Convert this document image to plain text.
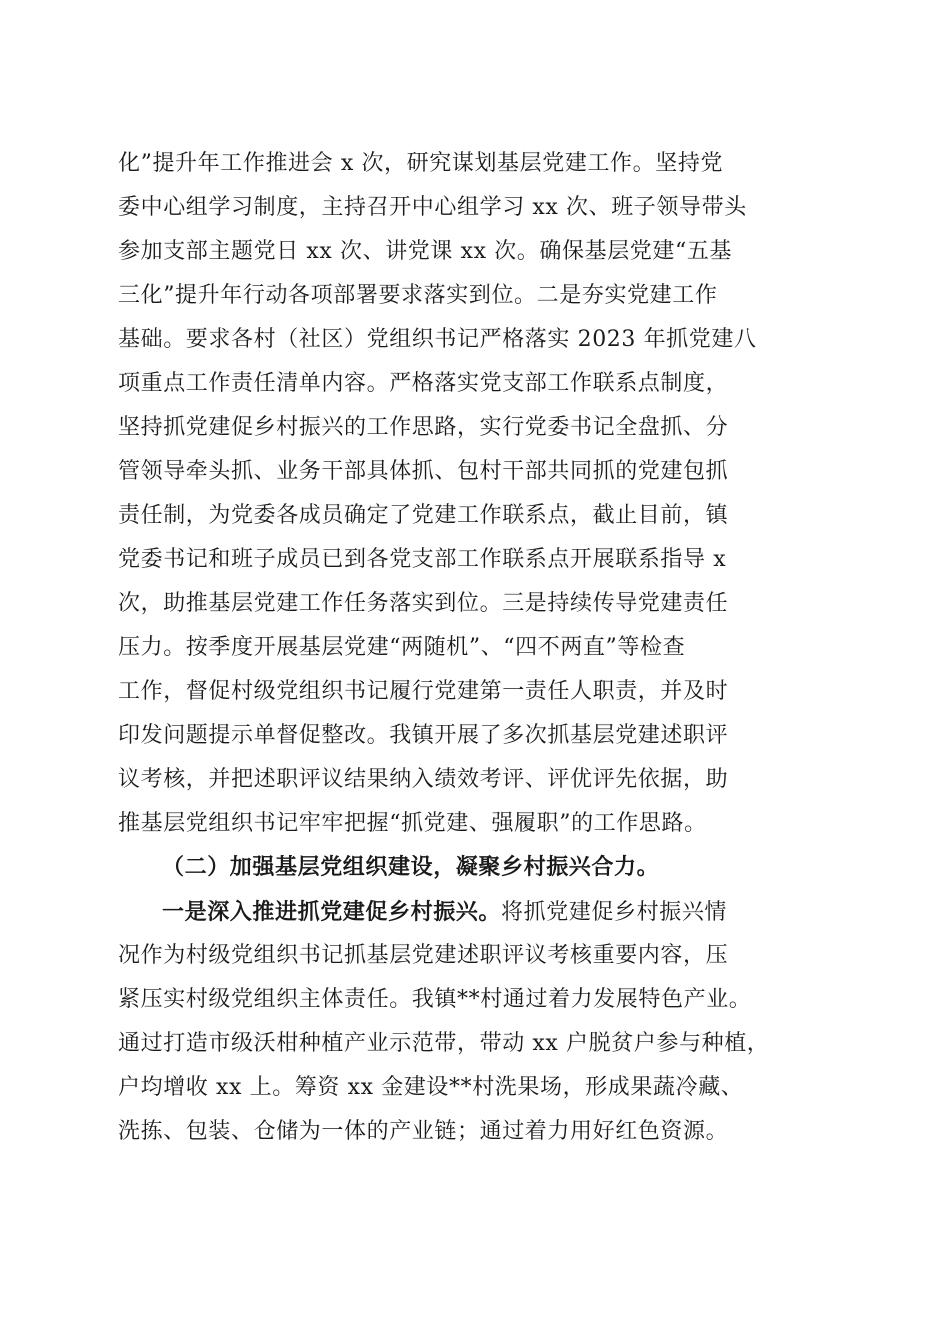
化”提升年工作推进会 x 次，研究谋划基层党建工作。坚持党
委中心组学习制度，主持召开中心组学习 xx 次、班子领导带头
参加支部主题党日 xx 次、讲党课 xx 次。确保基层党建“五基
三化”提升年行动各项部署要求落实到位。二是夯实党建工作
基础。要求各村（社区）党组织书记严格落实 2023 年抓党建八
项重点工作责任清单内容。严格落实党支部工作联系点制度，
坚持抓党建促乡村振兴的工作思路，实行党委书记全盘抓、分
管领导牵头抓、业务干部具体抓、包村干部共同抓的党建包抓
责任制，为党委各成员确定了党建工作联系点，截止目前，镇
党委书记和班子成员已到各党支部工作联系点开展联系指导 x
次，助推基层党建工作任务落实到位。三是持续传导党建责任
压力。按季度开展基层党建“两随机”、“四不两直”等检查
工作，督促村级党组织书记履行党建第一责任人职责，并及时
印发问题提示单督促整改。我镇开展了多次抓基层党建述职评
议考核，并把述职评议结果纳入绩效考评、评优评先依据，助
推基层党组织书记牢牢把握“抓党建、强履职”的工作思路。
（二）加强基层党组织建设，凝聚乡村振兴合力。
一是深入推进抓党建促乡村振兴。将抓党建促乡村振兴情
况作为村级党组织书记抓基层党建述职评议考核重要内容，压
紧压实村级党组织主体责任。我镇**村通过着力发展特色产业。
通过打造市级沃柑种植产业示范带，带动 xx 户脱贫户参与种植，
户均增收 xx 上。筹资 xx 金建设**村洗果场，形成果蔬冷藏、
洗拣、包装、仓储为一体的产业链；通过着力用好红色资源。
